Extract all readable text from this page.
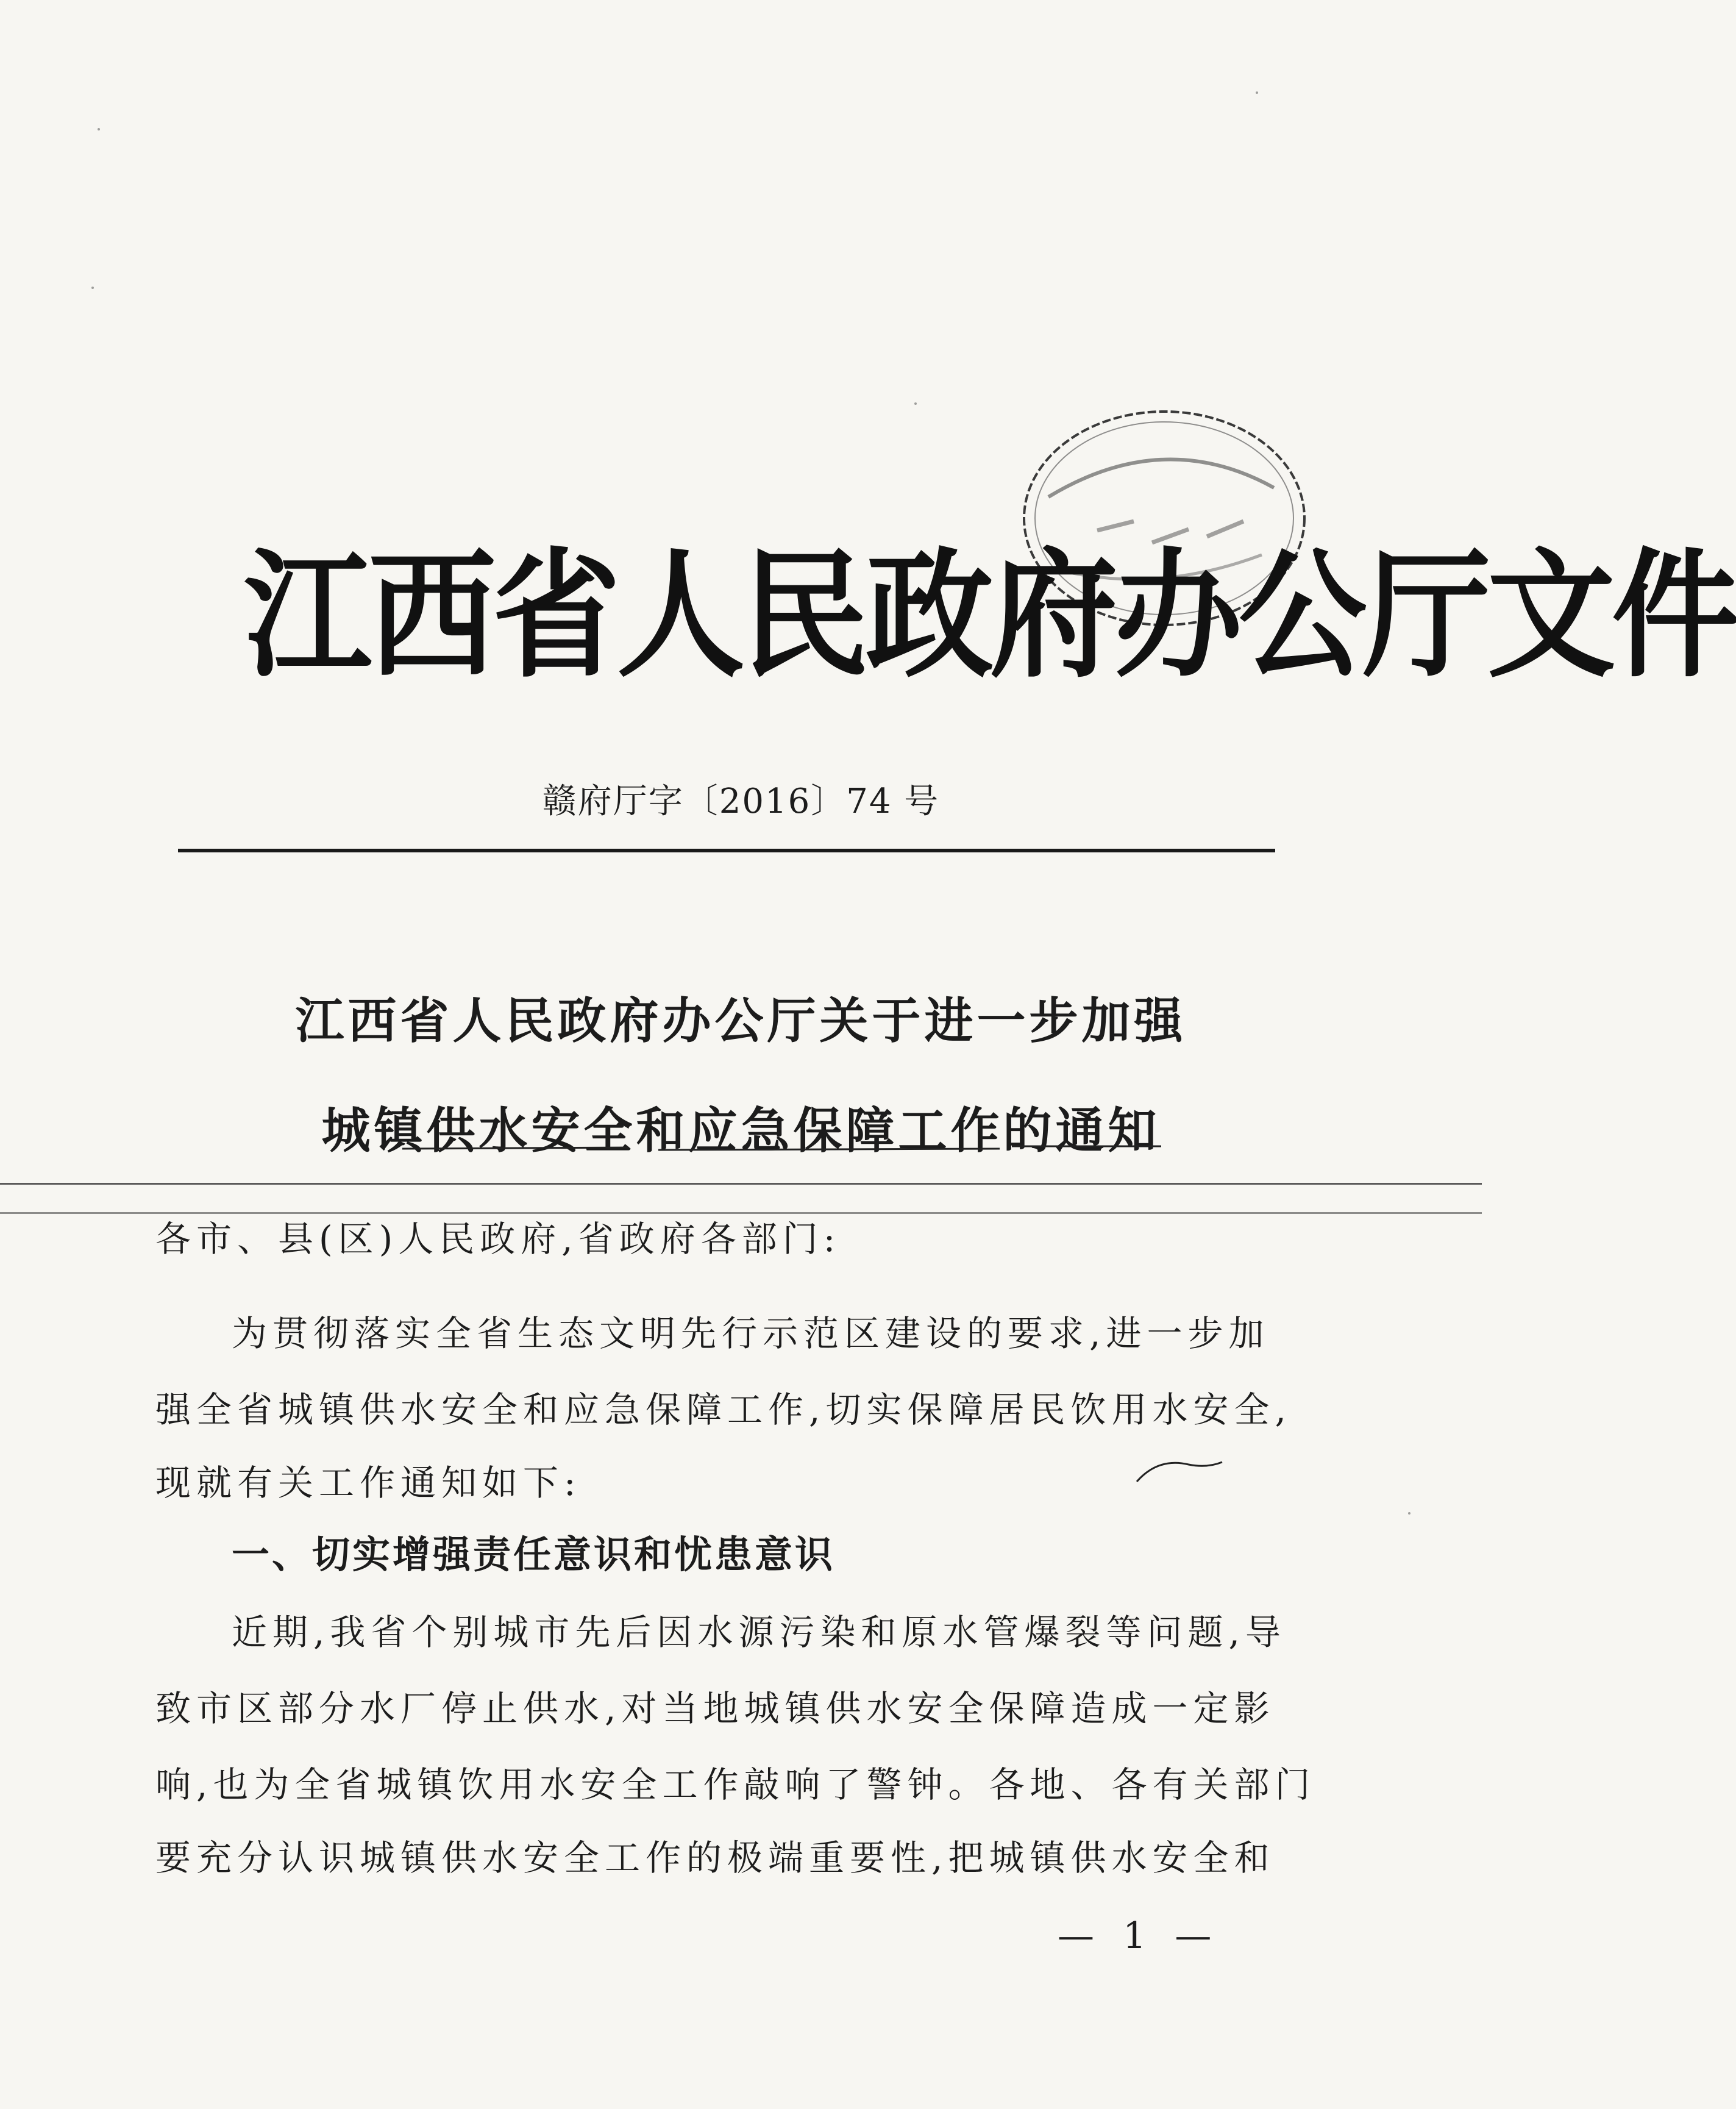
江西省人民政府办公厅文件
赣府厅字〔2016〕74 号
江西省人民政府办公厅关于进一步加强
城镇供水安全和应急保障工作的通知
各市、县(区)人民政府,省政府各部门:
为贯彻落实全省生态文明先行示范区建设的要求,进一步加
强全省城镇供水安全和应急保障工作,切实保障居民饮用水安全,
现就有关工作通知如下:
一、切实增强责任意识和忧患意识
近期,我省个别城市先后因水源污染和原水管爆裂等问题,导
致市区部分水厂停止供水,对当地城镇供水安全保障造成一定影
响,也为全省城镇饮用水安全工作敲响了警钟。各地、各有关部门
要充分认识城镇供水安全工作的极端重要性,把城镇供水安全和
— 1 —
